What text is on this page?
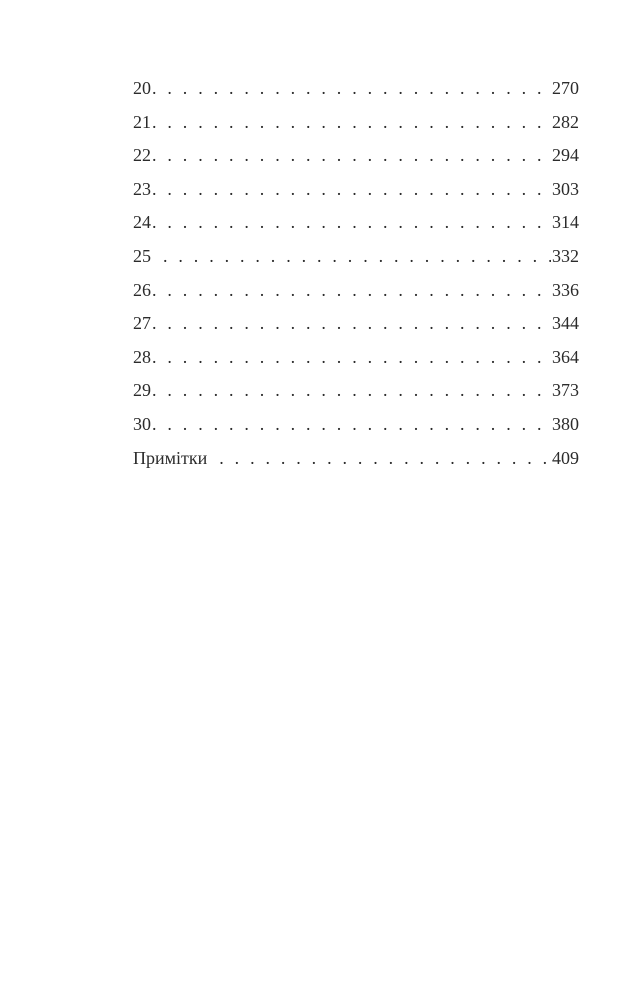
20 . . .	270
21 . . .	282
22 . . .	294
23 . . .	303
24 . . .	314
25 . . .	332
26 . . .	336
27 . . .	344
28 . . .	364
29 . . .	373
30 . . .	380
Примітки . . .	409
